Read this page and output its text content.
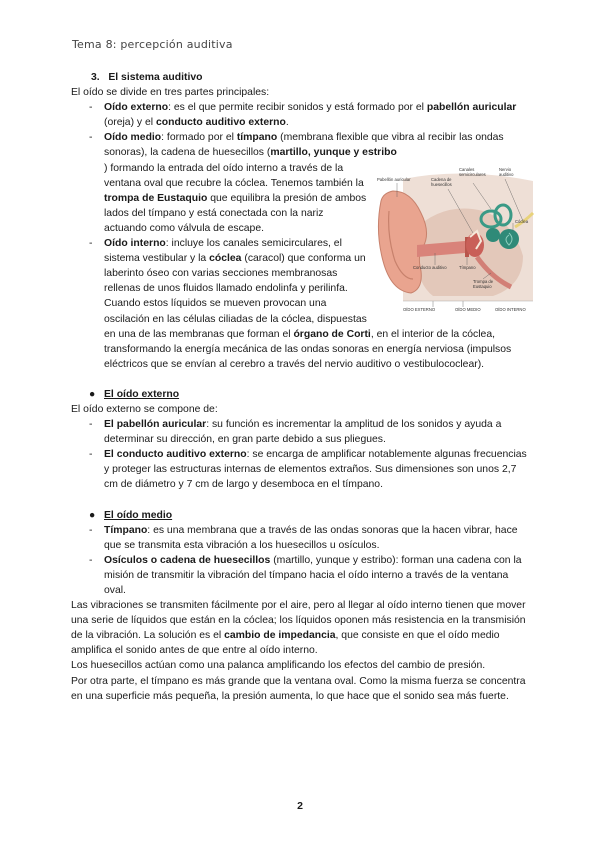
Tema 8: percepción auditiva

3. El sistema auditivo

El oído se divide en tres partes principales:

- Oído externo: es el que permite recibir sonidos y está formado por el pabellón auricular (oreja) y el conducto auditivo externo.

- Oído medio: formado por el tímpano (membrana flexible que vibra al recibir las ondas sonoras), la cadena de huesecillos (martillo, yunque y estribo
Pabellón auricular	Cadena de
huesecillos
Canales
semicirculares
Nervio
auditivo
Cóclea
Conducto auditivo	Tímpano
Trompa de
Eustaquio
OÍDO EXTERNO	OÍDO MEDIO	OÍDO INTERNO
) formando la entrada del oído interno a través de la ventana oval que recubre la cóclea. Tenemos también la trompa de Eustaquio que equilibra la presión de ambos lados del tímpano y está conectada con la nariz actuando como válvula de escape.

- Oído interno: incluye los canales semicirculares, el sistema vestibular y la cóclea (caracol) que conforma un laberinto óseo con varias secciones membranosas rellenas de unos fluidos llamado endolinfa y perilinfa. Cuando estos líquidos se mueven provocan una oscilación en las células ciliadas de la cóclea, dispuestas en una de las membranas que forman el órgano de Corti, en el interior de la cóclea, transformando la energía mecánica de las ondas sonoras en energía nerviosa (impulsos eléctricos que se envían al cerebro a través del nervio auditivo o vestibulococlear).

● El oído externo

El oído externo se compone de:

- El pabellón auricular: su función es incrementar la amplitud de los sonidos y ayuda a determinar su dirección, en gran parte debido a sus pliegues.

- El conducto auditivo externo: se encarga de amplificar notablemente algunas frecuencias y proteger las estructuras internas de elementos extraños. Sus dimensiones son unos 2,7 cm de diámetro y 7 cm de largo y desemboca en el tímpano.

● El oído medio

- Tímpano: es una membrana que a través de las ondas sonoras que la hacen vibrar, hace que se transmita esta vibración a los huesecillos u osículos.

- Osículos o cadena de huesecillos (martillo, yunque y estribo): forman una cadena con la misión de transmitir la vibración del tímpano hacia el oído interno a través de la ventana oval.

Las vibraciones se transmiten fácilmente por el aire, pero al llegar al oído interno tienen que mover una serie de líquidos que están en la cóclea; los líquidos oponen más resistencia en la transmisión de la vibración. La solución es el cambio de impedancia, que consiste en que el oído medio amplifica el sonido antes de que entre al oído interno.

Los huesecillos actúan como una palanca amplificando los efectos del cambio de presión.

Por otra parte, el tímpano es más grande que la ventana oval. Como la misma fuerza se concentra en una superficie más pequeña, la presión aumenta, lo que hace que el sonido sea más fuerte.

2
